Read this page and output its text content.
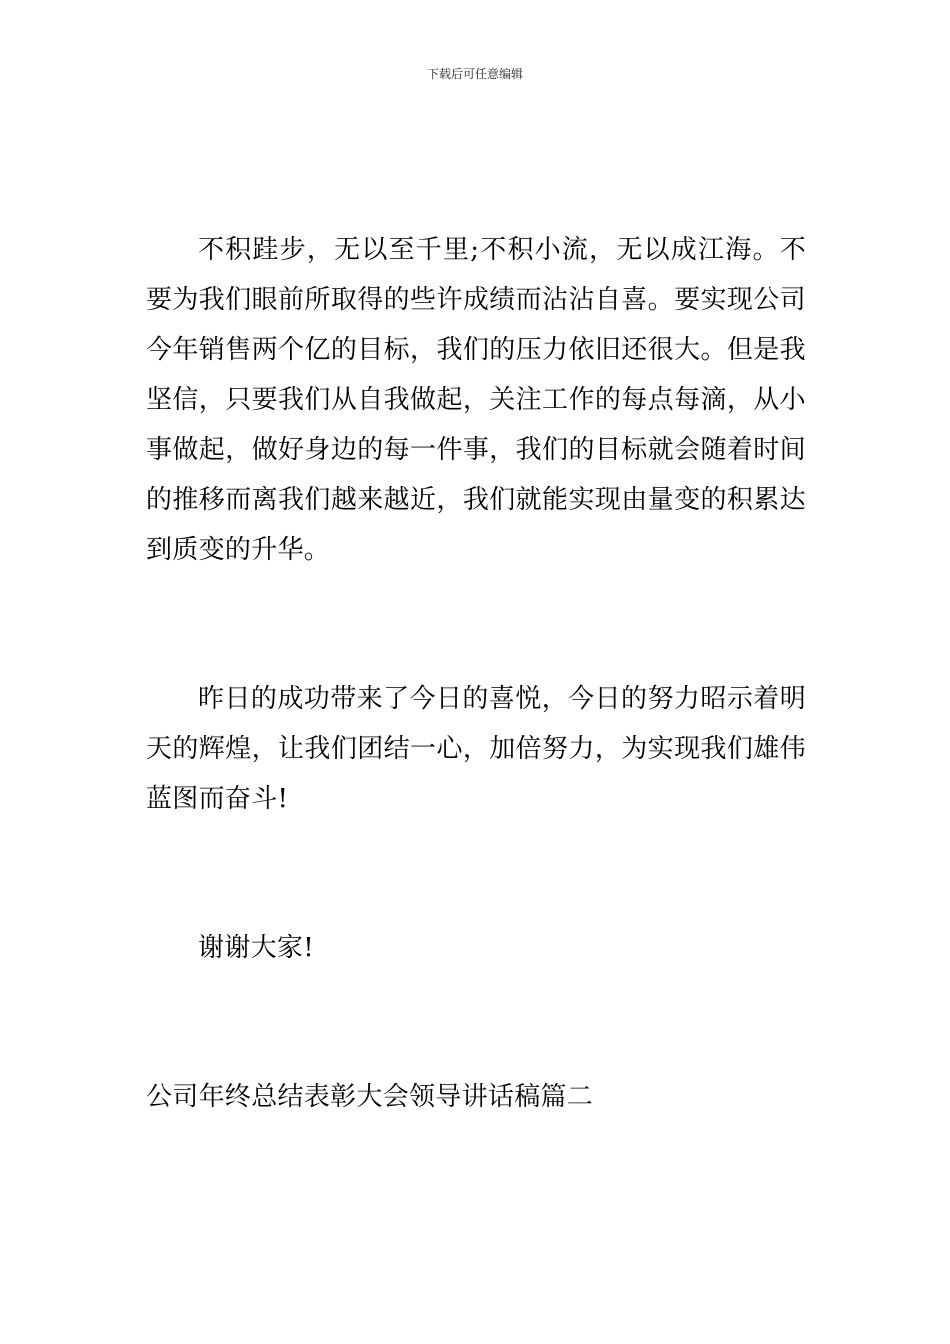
下载后可任意编辑

不积跬步，无以至千里;不积小流，无以成江海。不要为我们眼前所取得的些许成绩而沾沾自喜。要实现公司今年销售两个亿的目标，我们的压力依旧还很大。但是我坚信，只要我们从自我做起，关注工作的每点每滴，从小事做起，做好身边的每一件事，我们的目标就会随着时间的推移而离我们越来越近，我们就能实现由量变的积累达到质变的升华。

昨日的成功带来了今日的喜悦，今日的努力昭示着明天的辉煌，让我们团结一心，加倍努力，为实现我们雄伟蓝图而奋斗!

谢谢大家!

公司年终总结表彰大会领导讲话稿篇二
